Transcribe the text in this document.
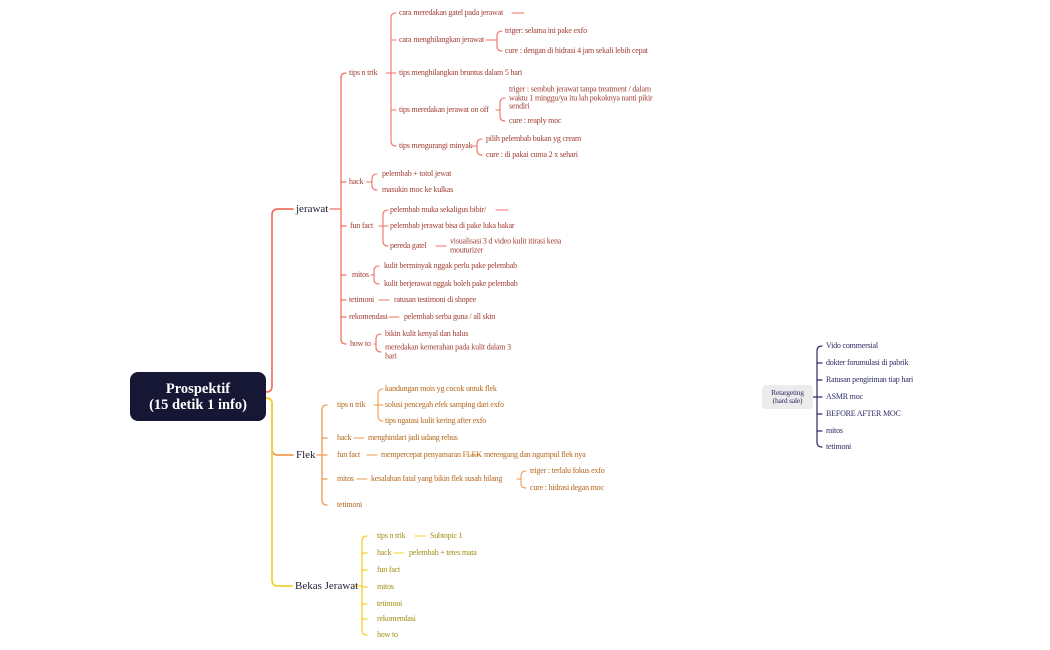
Prospektif
(15 detik 1 info)
jerawat
tips n trik
cara meredakan gatel pada jerawat
cara menghilangkan jerawat
triger: selama ini pake exfo
cure : dengan di hidrasi 4 jam sekali lebih cepat
tips menghilangkan bruntus dalam 5 hari
tips meredakan jerawat on off
triger : sembuh jerawat tanpa treatment / dalam waktu 1 minggu/ya itu lah pokoknya nanti pikir sendiri
cure : reaply moc
tips mengurangi minyak
pilih pelembab bukan yg cream
cure : di pakai cuma 2 x sehari
hack
pelembab + totol jewat
masukin moc ke kulkas
fun fact
pelembab muka sekaligus bibir/
pelembab jerawat bisa di pake luka bakar
pereda gatel	visualisasi 3 d video kulit itirasi kena mouturizer
mitos
kulit berminyak nggak perlu pake pelembab
kulit berjerawat nggak boleh pake pelembab
tetimoni ratusan testimoni di shopee
rekomendasi pelembab serba guna / all skin
how to
bikin kulit kenyal dan halus
meredakan kemerahan pada kulit dalam 3 hari
Flek
tips n trik
kandungan mois yg cocok untuk flek
solusi pencegah efek samping dari exfo
tips ngatasi kulit kering after exfo
hack menghindari jadi udang rebus
fun fact	mempercepat penyamaran FLEK merengang dan ngumpul flek nya
mitos kesalahan fatal yang bikin flek susah hilang
triger : terlalu fokus exfo
cure : hidrasi degan moc
tetimoni
Bekas Jerawat
tips n trik	Subtopic 1
hack pelembab + tetes mata
fun fact
mitos
tetimoni
rekomendasi
how to
Retargeting
(hard sale)
Vido commersial
dokter forumulasi di pabrik
Ratusan pengiriman tiap hari
ASMR moc
BEFORE AFTER MOC
mitos
tetimoni
